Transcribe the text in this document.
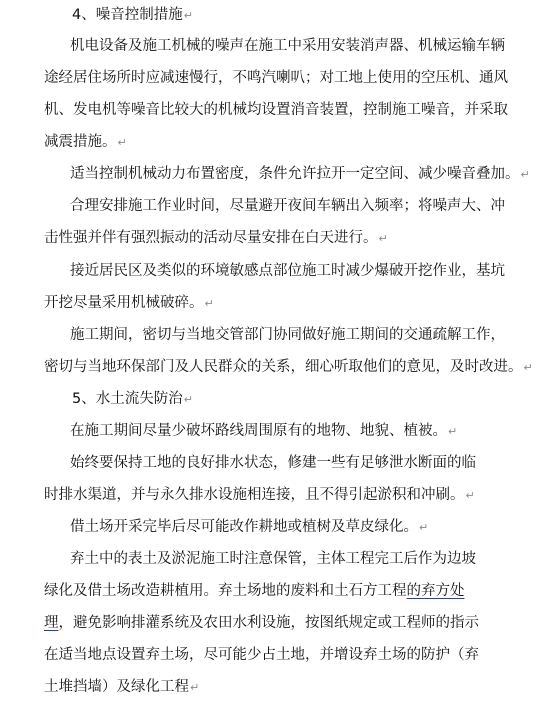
4、噪音控制措施↵
机电设备及施工机械的噪声在施工中采用安装消声器、机械运输车辆
途经居住场所时应减速慢行，不鸣汽喇叭；对工地上使用的空压机、通风
机、发电机等噪音比较大的机械均设置消音装置，控制施工噪音，并采取
减震措施。↵
适当控制机械动力布置密度，条件允许拉开一定空间、减少噪音叠加。↵
合理安排施工作业时间，尽量避开夜间车辆出入频率；将噪声大、冲
击性强并伴有强烈振动的活动尽量安排在白天进行。↵
接近居民区及类似的环境敏感点部位施工时减少爆破开挖作业，基坑
开挖尽量采用机械破碎。↵
施工期间，密切与当地交管部门协同做好施工期间的交通疏解工作，
密切与当地环保部门及人民群众的关系，细心听取他们的意见，及时改进。↵
5、水土流失防治↵
在施工期间尽量少破坏路线周围原有的地物、地貌、植被。↵
始终要保持工地的良好排水状态，修建一些有足够泄水断面的临
时排水渠道，并与永久排水设施相连接，且不得引起淤积和冲刷。↵
借土场开采完毕后尽可能改作耕地或植树及草皮绿化。↵
弃土中的表土及淤泥施工时注意保管，主体工程完工后作为边坡
绿化及借土场改造耕植用。弃土场地的废料和土石方工程的弃方处
理，避免影响排灌系统及农田水利设施，按图纸规定或工程师的指示
在适当地点设置弃土场，尽可能少占土地，并增设弃土场的防护（弃
土堆挡墙）及绿化工程↵
